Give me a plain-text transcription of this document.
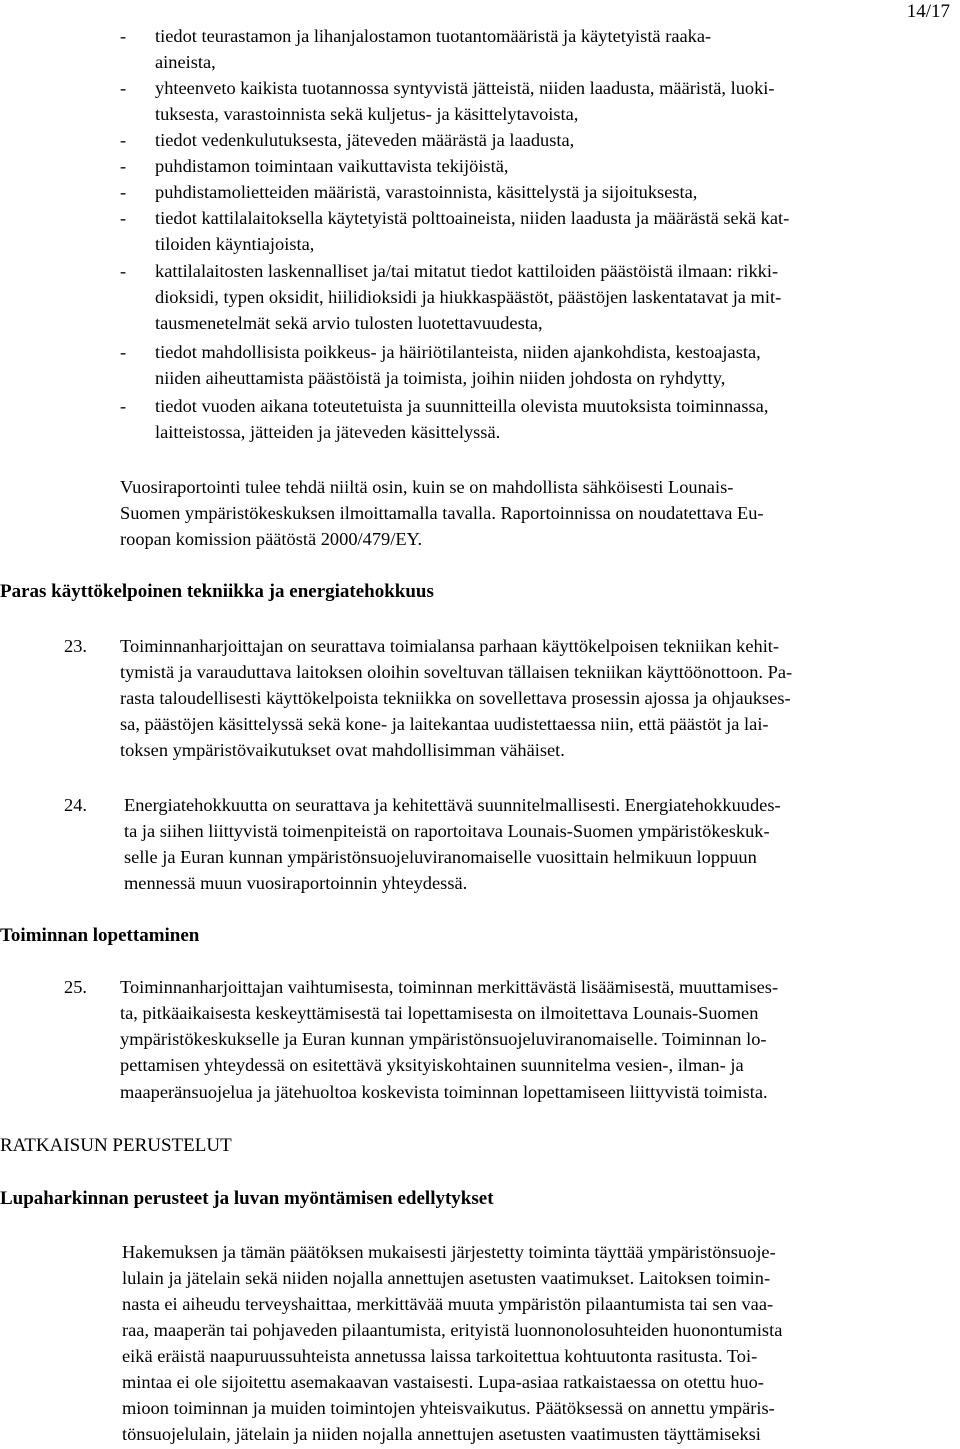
14/17
- tiedot teurastamon ja lihanjalostamon tuotantomääristä ja käytetyistä raaka-
aineista,
- yhteenveto kaikista tuotannossa syntyvistä jätteistä, niiden laadusta, määristä, luoki-
tuksesta, varastoinnista sekä kuljetus- ja käsittelytavoista,
- tiedot vedenkulutuksesta, jäteveden määrästä ja laadusta,
- puhdistamon toimintaan vaikuttavista tekijöistä,
- puhdistamolietteiden määristä, varastoinnista, käsittelystä ja sijoituksesta,
- tiedot kattilalaitoksella käytetyistä polttoaineista, niiden laadusta ja määrästä sekä kat-
tiloiden käyntiajoista,
- kattilalaitosten laskennalliset ja/tai mitatut tiedot kattiloiden päästöistä ilmaan: rikki-
dioksidi, typen oksidit, hiilidioksidi ja hiukkaspäästöt, päästöjen laskentatavat ja mit-
tausmenetelmät sekä arvio tulosten luotettavuudesta,
- tiedot mahdollisista poikkeus- ja häiriötilanteista, niiden ajankohdista, kestoajasta,
niiden aiheuttamista päästöistä ja toimista, joihin niiden johdosta on ryhdytty,
- tiedot vuoden aikana toteutetuista ja suunnitteilla olevista muutoksista toiminnassa,
laitteistossa, jätteiden ja jäteveden käsittelyssä.
Vuosiraportointi tulee tehdä niiltä osin, kuin se on mahdollista sähköisesti Lounais-
Suomen ympäristökeskuksen ilmoittamalla tavalla. Raportoinnissa on noudatettava Eu-
roopan komission päätöstä 2000/479/EY.
Paras käyttökelpoinen tekniikka ja energiatehokkuus
23. Toiminnanharjoittajan on seurattava toimialansa parhaan käyttökelpoisen tekniikan kehit-
tymistä ja varauduttava laitoksen oloihin soveltuvan tällaisen tekniikan käyttöönottoon. Pa-
rasta taloudellisesti käyttökelpoista tekniikka on sovellettava prosessin ajossa ja ohjaukses-
sa, päästöjen käsittelyssä sekä kone- ja laitekantaa uudistettaessa niin, että päästöt ja lai-
toksen ympäristövaikutukset ovat mahdollisimman vähäiset.
24. Energiatehokkuutta on seurattava ja kehitettävä suunnitelmallisesti. Energiatehokkuudes-
ta ja siihen liittyvistä toimenpiteistä on raportoitava Lounais-Suomen ympäristökeskuk-
selle ja Euran kunnan ympäristönsuojeluviranomaiselle vuosittain helmikuun loppuun
mennessä muun vuosiraportoinnin yhteydessä.
Toiminnan lopettaminen
25. Toiminnanharjoittajan vaihtumisesta, toiminnan merkittävästä lisäämisestä, muuttamises-
ta, pitkäaikaisesta keskeyttämisestä tai lopettamisesta on ilmoitettava Lounais-Suomen
ympäristökeskukselle ja Euran kunnan ympäristönsuojeluviranomaiselle. Toiminnan lo-
pettamisen yhteydessä on esitettävä yksityiskohtainen suunnitelma vesien-, ilman- ja
maaperänsuojelua ja jätehuoltoa koskevista toiminnan lopettamiseen liittyvistä toimista.
RATKAISUN PERUSTELUT
Lupaharkinnan perusteet ja luvan myöntämisen edellytykset
Hakemuksen ja tämän päätöksen mukaisesti järjestetty toiminta täyttää ympäristönsuoje-
lulain ja jätelain sekä niiden nojalla annettujen asetusten vaatimukset. Laitoksen toimin-
nasta ei aiheudu terveyshaittaa, merkittävää muuta ympäristön pilaantumista tai sen vaa-
raa, maaperän tai pohjaveden pilaantumista, erityistä luonnonolosuhteiden huonontumista
eikä eräistä naapuruussuhteista annetussa laissa tarkoitettua kohtuutonta rasitusta. Toi-
mintaa ei ole sijoitettu asemakaavan vastaisesti. Lupa-asiaa ratkaistaessa on otettu huo-
mioon toiminnan ja muiden toimintojen yhteisvaikutus. Päätöksessä on annettu ympäris-
tönsuojelulain, jätelain ja niiden nojalla annettujen asetusten vaatimusten täyttämiseksi
